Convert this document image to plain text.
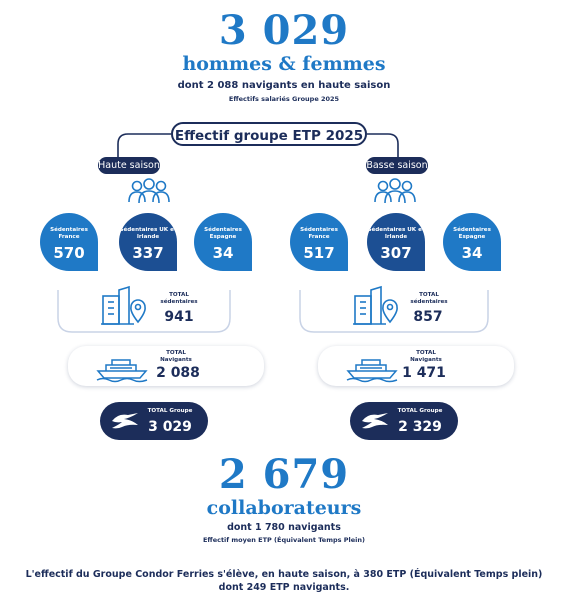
3 029
hommes & femmes
dont 2 088 navigants en haute saison
Effectifs salariés Groupe 2025
Effectif groupe ETP 2025
Haute saison	Basse saison
Sédentaires France
570
Sédentaires UK et Irlande
337
Sédentaires Espagne
34
Sédentaires France
517
Sédentaires UK et Irlande
307
Sédentaires Espagne
34
TOTAL sédentaires
941
TOTAL sédentaires
857
TOTAL Navigants
2 088
TOTAL Navigants
1 471
TOTAL Groupe
3 029
TOTAL Groupe
2 329
2 679
collaborateurs
dont 1 780 navigants
Effectif moyen ETP (Équivalent Temps Plein)
L'effectif du Groupe Condor Ferries s'élève, en haute saison, à 380 ETP (Équivalent Temps plein)
dont 249 ETP navigants.
